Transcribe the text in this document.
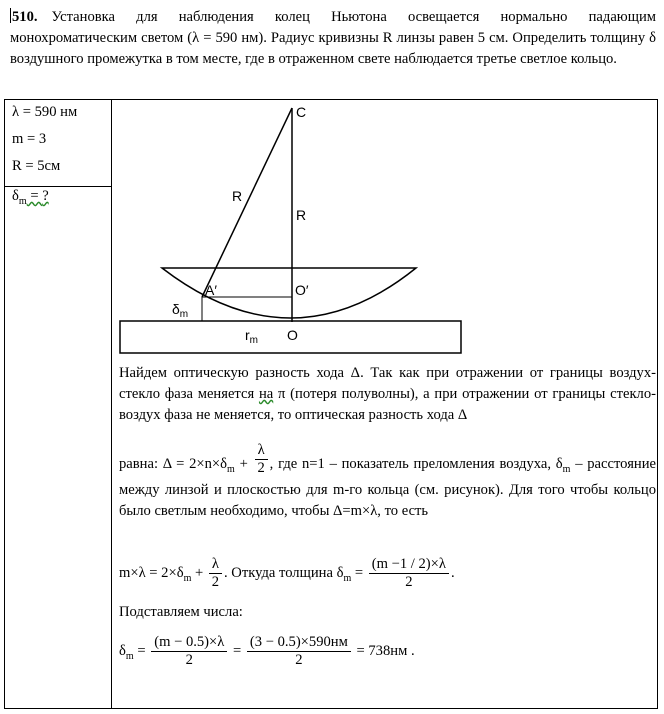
510. Установка для наблюдения колец Ньютона освещается нормально падающим монохроматическим светом (λ = 590 нм). Радиус кривизны R линзы равен 5 см. Определить толщину δ воздушного промежутка в том месте, где в отраженном свете наблюдается третье светлое кольцо.
λ = 590 нм
m = 3
R = 5см
$\delta_m$ = ?
C
R
R
A′	O′
$\delta_m$
$r_m$ O
Найдем оптическую разность хода Δ. Так как при отражении от границы воздух-стекло фаза меняется на π (потеря полуволны), а при отражении от границы стекло-воздух фаза не меняется, то оптическая разность хода Δ
равна: $\Delta = 2\times n\times\delta_m + \frac{\lambda}{2}$ , где n=1 – показатель преломления воздуха, $\delta_m$ – расстояние между линзой и плоскостью для m-го кольца (см. рисунок). Для того чтобы кольцо было светлым необходимо, чтобы Δ=m×λ, то есть
$m\times\lambda = 2\times\delta_m + \frac{\lambda}{2}$ . Откуда толщина $\delta_m = \frac{(m -1 / 2)\times\lambda}{2}$ .
Подставляем числа:
$\delta_m = \frac{(m - 0.5)\times\lambda}{2} = \frac{(3 - 0.5)\times 590нм}{2} = 738нм$ .
